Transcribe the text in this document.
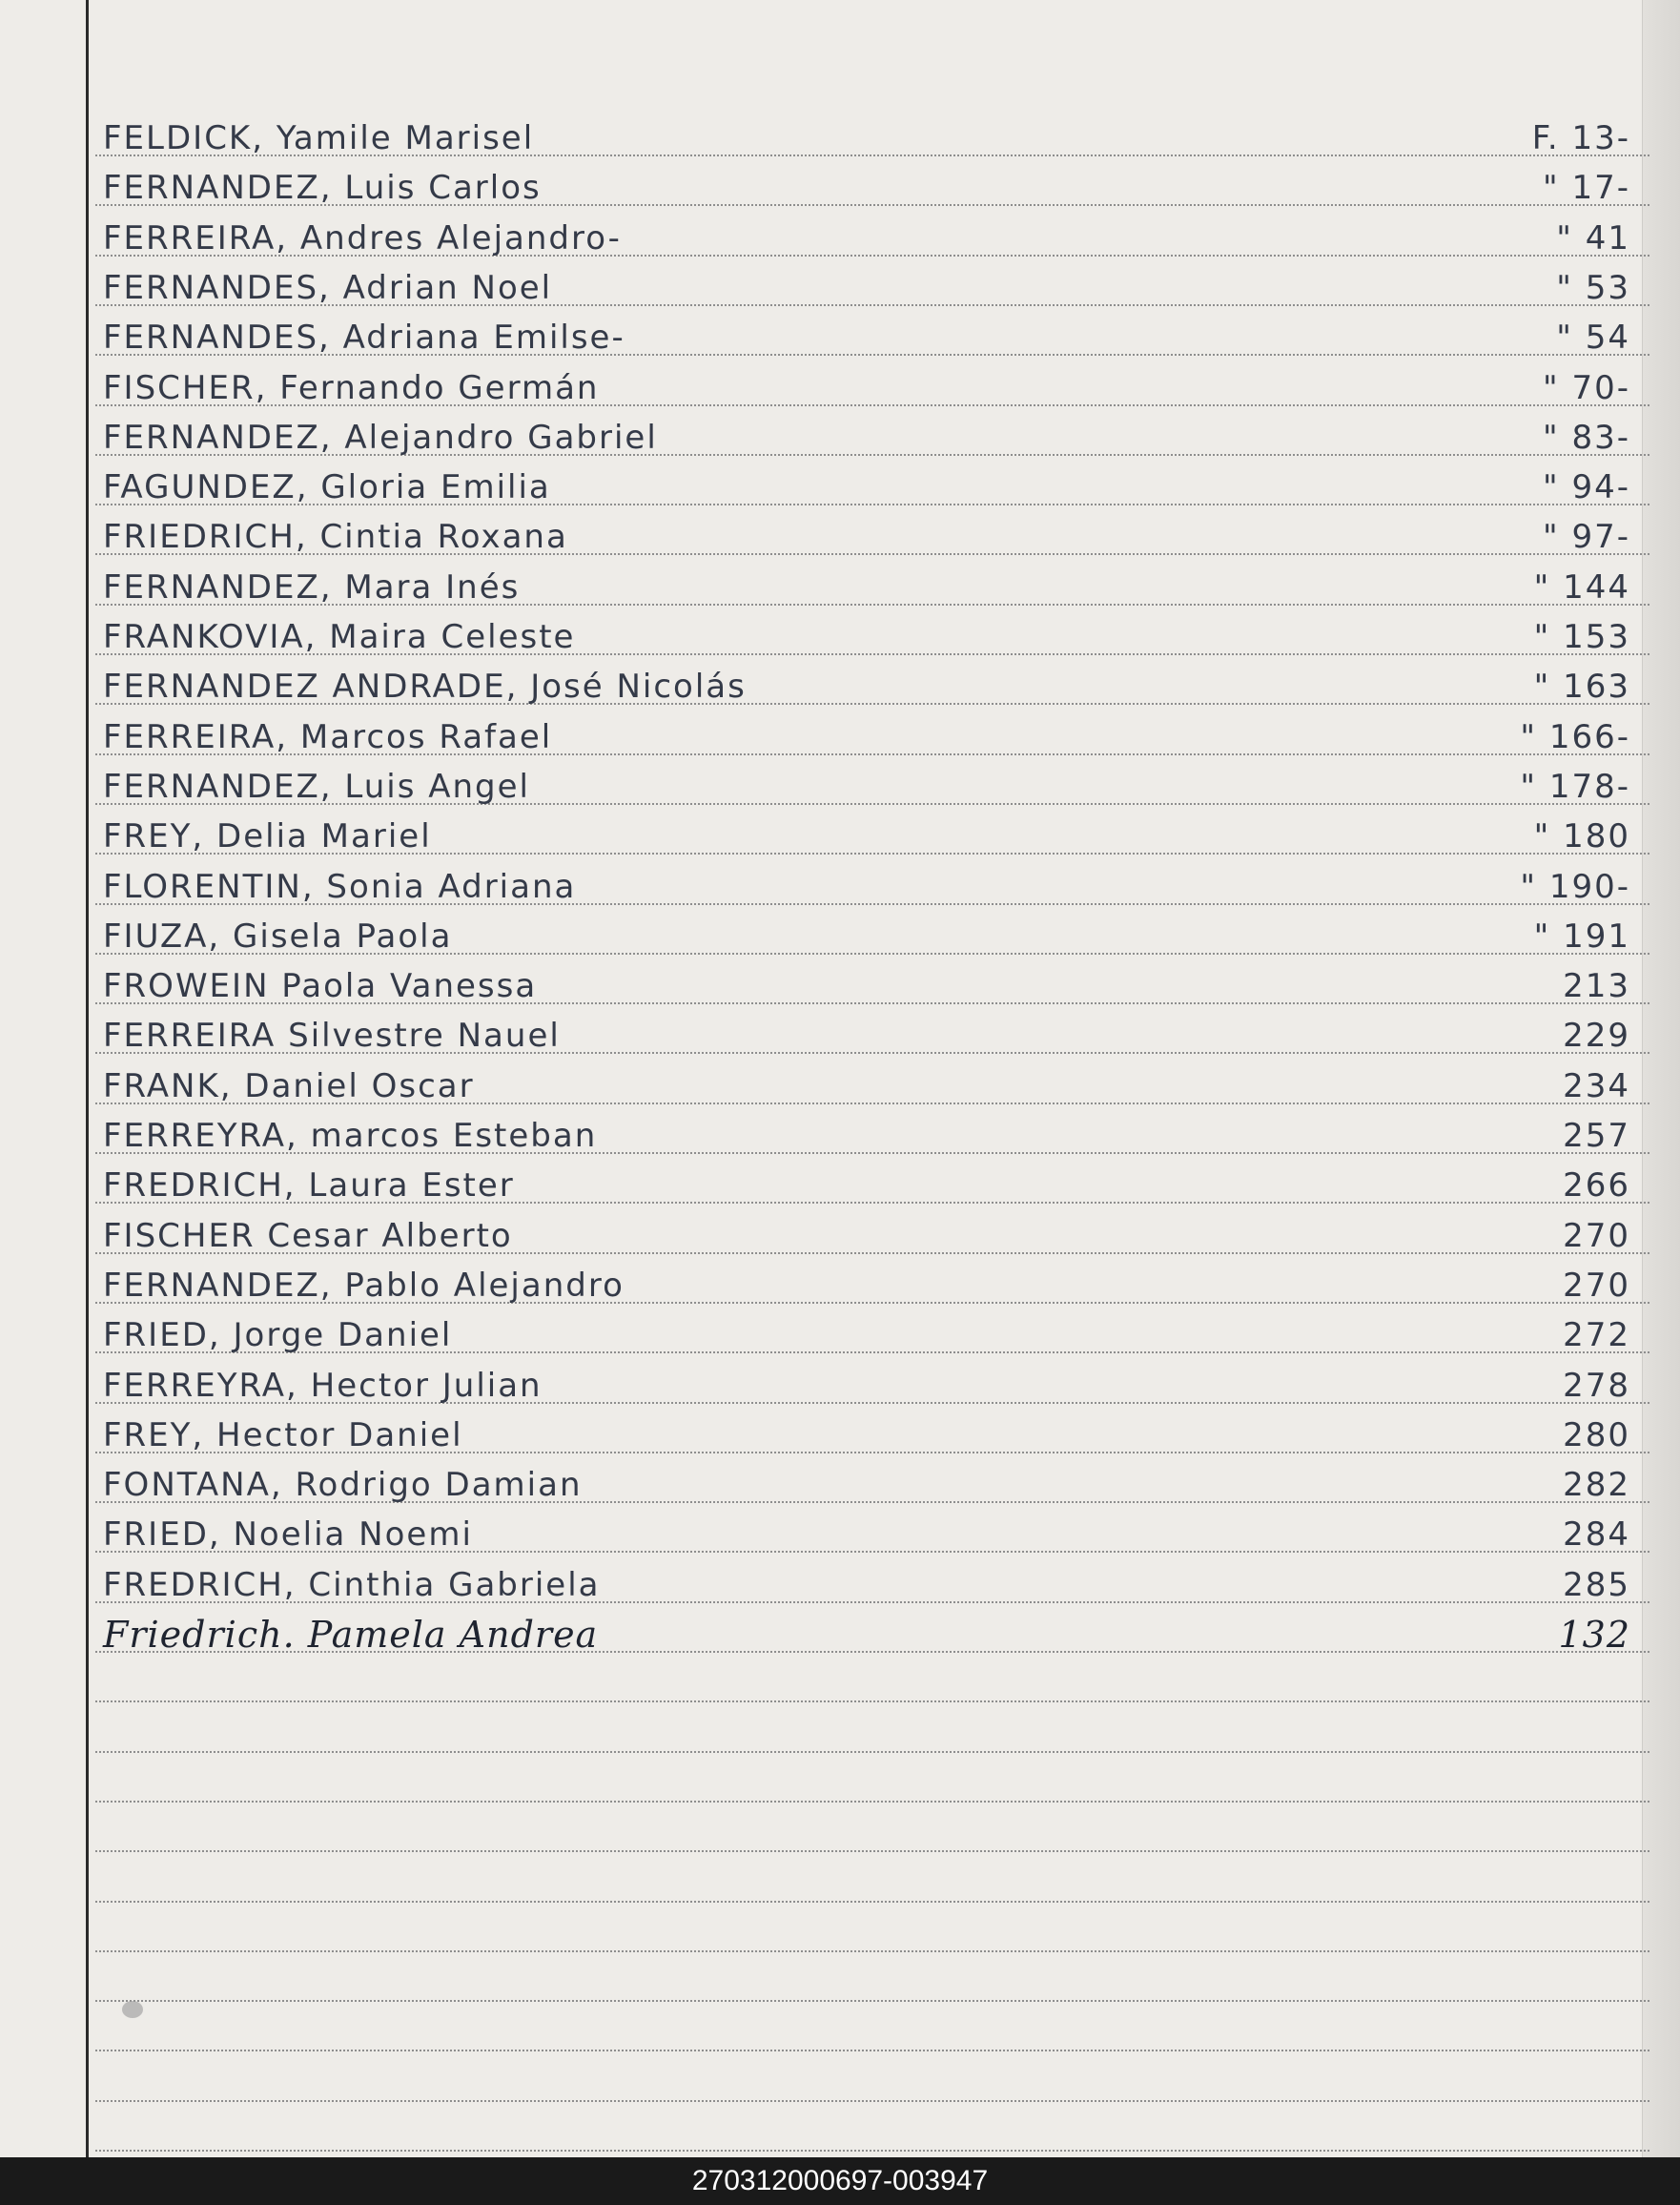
FELDICK, Yamile Marisel	F. 13-
FERNANDEZ, Luis Carlos	" 17-
FERREIRA, Andres Alejandro-	" 41
FERNANDES, Adrian Noel	" 53
FERNANDES, Adriana Emilse-	" 54
FISCHER, Fernando Germán	" 70-
FERNANDEZ, Alejandro Gabriel	" 83-
FAGUNDEZ, Gloria Emilia	" 94-
FRIEDRICH, Cintia Roxana	" 97-
FERNANDEZ, Mara Inés	" 144
FRANKOVIA, Maira Celeste	" 153
FERNANDEZ ANDRADE, José Nicolás	" 163
FERREIRA, Marcos Rafael	" 166-
FERNANDEZ, Luis Angel	" 178-
FREY, Delia Mariel	" 180
FLORENTIN, Sonia Adriana	" 190-
FIUZA, Gisela Paola	" 191
FROWEIN Paola Vanessa	213
FERREIRA Silvestre Nauel	229
FRANK, Daniel Oscar	234
FERREYRA, marcos Esteban	257
FREDRICH, Laura Ester	266
FISCHER Cesar Alberto	270
FERNANDEZ, Pablo Alejandro	270
FRIED, Jorge Daniel	272
FERREYRA, Hector Julian	278
FREY, Hector Daniel	280
FONTANA, Rodrigo Damian	282
FRIED, Noelia Noemi	284
FREDRICH, Cinthia Gabriela	285
Friedrich. Pamela Andrea	132
270312000697-003947
